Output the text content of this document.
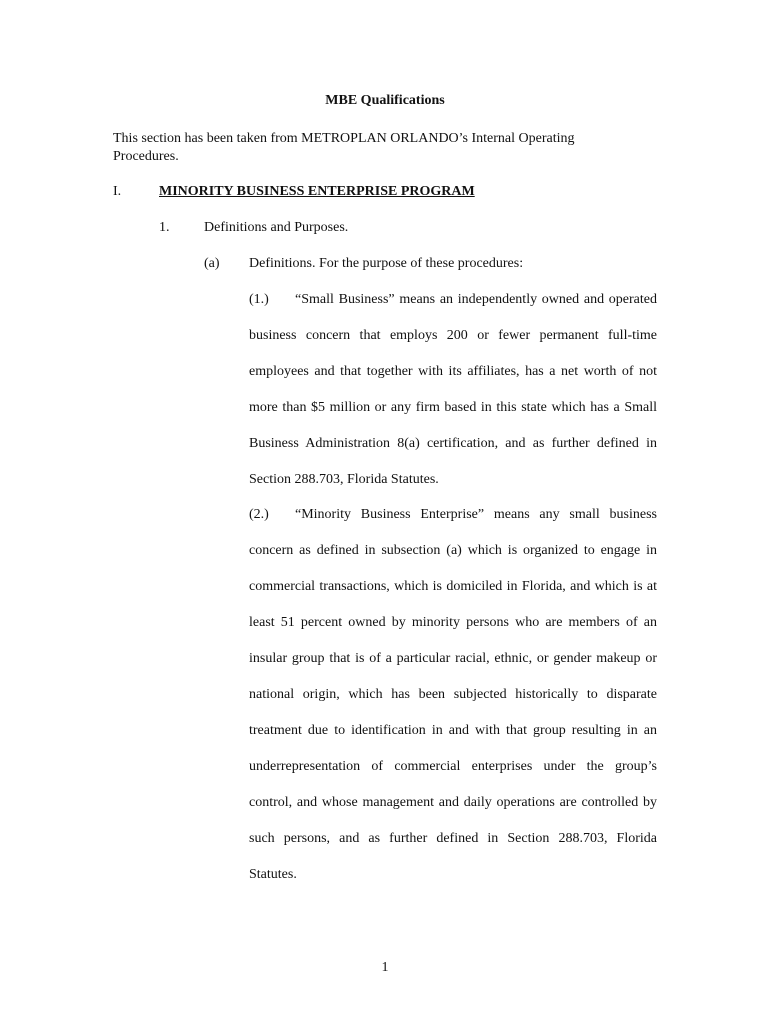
MBE Qualifications
This section has been taken from METROPLAN ORLANDO’s Internal Operating Procedures.
I.	MINORITY BUSINESS ENTERPRISE PROGRAM
1. Definitions and Purposes.
(a) Definitions. For the purpose of these procedures:
(1.) “Small Business” means an independently owned and operated business concern that employs 200 or fewer permanent full-time employees and that together with its affiliates, has a net worth of not more than $5 million or any firm based in this state which has a Small Business Administration 8(a) certification, and as further defined in Section 288.703, Florida Statutes.
(2.) “Minority Business Enterprise” means any small business concern as defined in subsection (a) which is organized to engage in commercial transactions, which is domiciled in Florida, and which is at least 51 percent owned by minority persons who are members of an insular group that is of a particular racial, ethnic, or gender makeup or national origin, which has been subjected historically to disparate treatment due to identification in and with that group resulting in an underrepresentation of commercial enterprises under the group’s control, and whose management and daily operations are controlled by such persons, and as further defined in Section 288.703, Florida Statutes.
1
